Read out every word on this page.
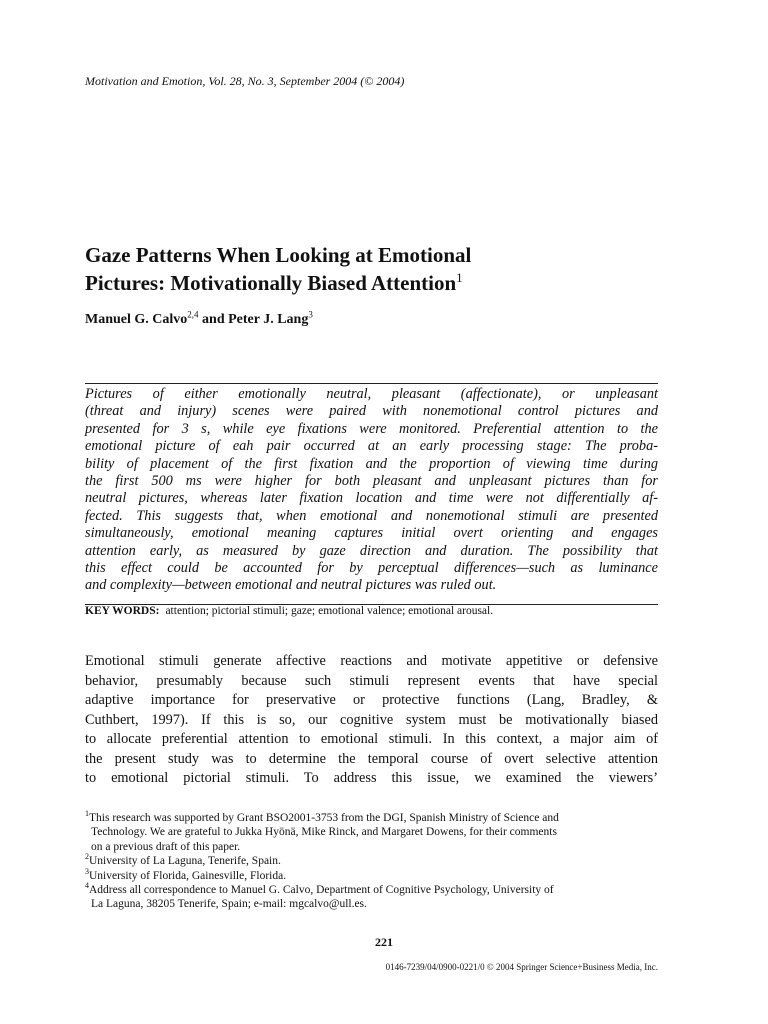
Motivation and Emotion, Vol. 28, No. 3, September 2004 (© 2004)
Gaze Patterns When Looking at Emotional
Pictures: Motivationally Biased Attention$^1$
Manuel G. Calvo$^{2,4}$ and Peter J. Lang$^3$
Pictures of either emotionally neutral, pleasant (affectionate), or unpleasant
(threat and injury) scenes were paired with nonemotional control pictures and
presented for 3 s, while eye fixations were monitored. Preferential attention to the
emotional picture of eah pair occurred at an early processing stage: The proba-
bility of placement of the first fixation and the proportion of viewing time during
the first 500 ms were higher for both pleasant and unpleasant pictures than for
neutral pictures, whereas later fixation location and time were not differentially af-
fected. This suggests that, when emotional and nonemotional stimuli are presented
simultaneously, emotional meaning captures initial overt orienting and engages
attention early, as measured by gaze direction and duration. The possibility that
this effect could be accounted for by perceptual differences—such as luminance
and complexity—between emotional and neutral pictures was ruled out.
KEY WORDS: attention; pictorial stimuli; gaze; emotional valence; emotional arousal.
Emotional stimuli generate affective reactions and motivate appetitive or defensive
behavior, presumably because such stimuli represent events that have special
adaptive importance for preservative or protective functions (Lang, Bradley, &
Cuthbert, 1997). If this is so, our cognitive system must be motivationally biased
to allocate preferential attention to emotional stimuli. In this context, a major aim of
the present study was to determine the temporal course of overt selective attention
to emotional pictorial stimuli. To address this issue, we examined the viewers’
$^1$This research was supported by Grant BSO2001-3753 from the DGI, Spanish Ministry of Science and
Technology. We are grateful to Jukka Hyönä, Mike Rinck, and Margaret Dowens, for their comments
on a previous draft of this paper.
$^2$University of La Laguna, Tenerife, Spain.
$^3$University of Florida, Gainesville, Florida.
$^4$Address all correspondence to Manuel G. Calvo, Department of Cognitive Psychology, University of
La Laguna, 38205 Tenerife, Spain; e-mail: mgcalvo@ull.es.
221
0146-7239/04/0900-0221/0 © 2004 Springer Science+Business Media, Inc.
